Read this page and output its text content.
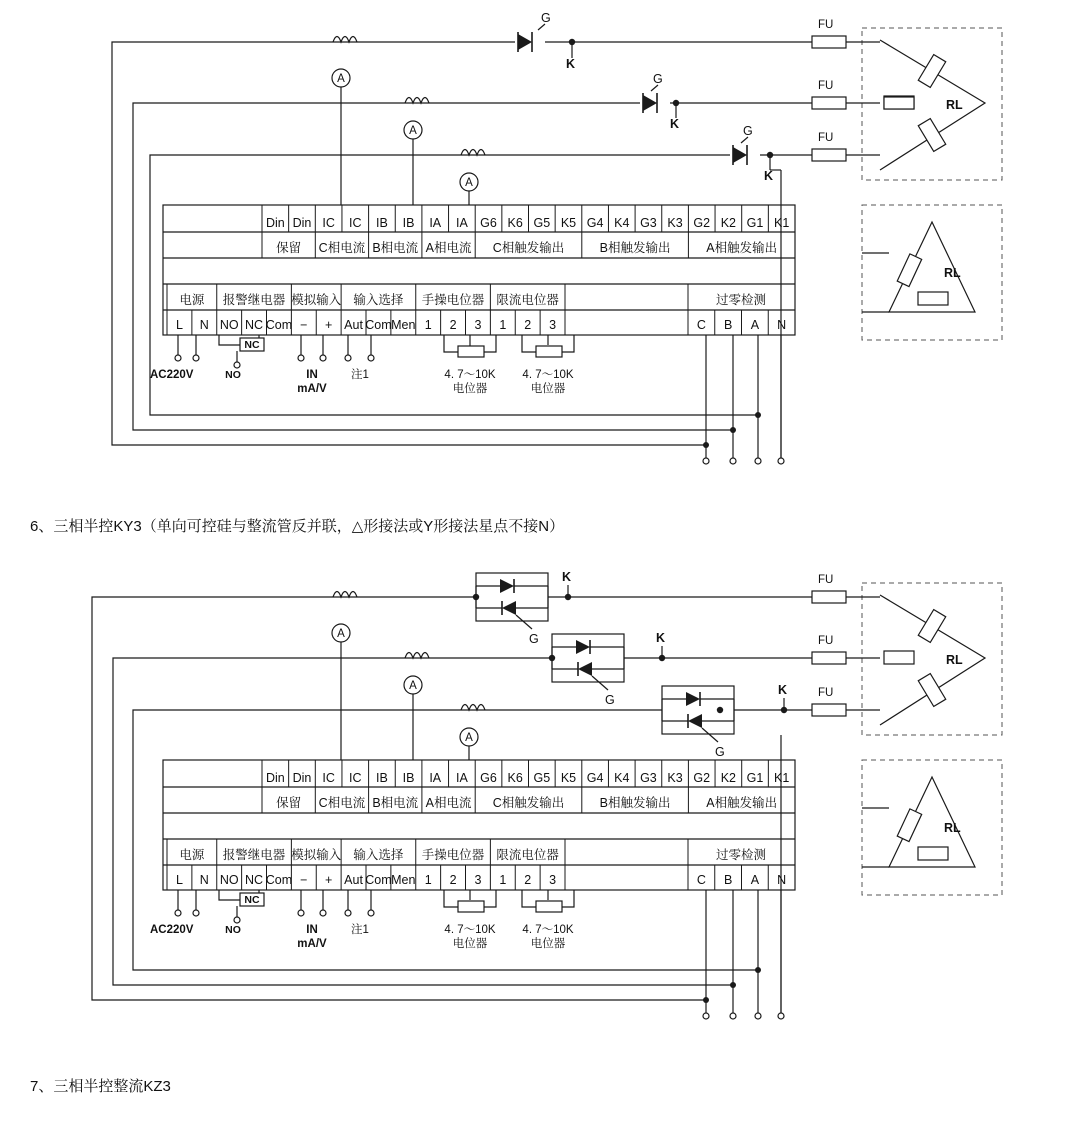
RL
RL
FU
FU
FU
G
K
G
K	G
K
A
A
A
Din Din IC IC IB IB IA IA G6 K6 G5 K5 G4 K4 G3 K3 G2 K2 G1 K1
保留 C相电流 B相电流 A相电流 C相触发输出	B相触发输出	A相触发输出
电源 报警继电器 模拟输入 输入选择 手操电位器 限流电位器	过零检测
L N NO NC Com − + Aut Com Men 1 2 3 1 2 3	C B A N
AC220V
NC
NO	IN
mA/V
注1	4. 7～10K
电位器
4. 7～10K
电位器
6、三相半控KY3（单向可控硅与整流管反并联，△形接法或Y形接法星点不接N）
RL
RL
FU
FU
FU
G
K
G
K
G
K
A
A
A
Din Din IC IC IB IB IA IA G6 K6 G5 K5 G4 K4 G3 K3 G2 K2 G1 K1
保留 C相电流 B相电流 A相电流 C相触发输出	B相触发输出	A相触发输出
电源 报警继电器 模拟输入 输入选择 手操电位器 限流电位器	过零检测
L N NO NC Com − + Aut Com Men 1 2 3 1 2 3	C B A N
AC220V
NC
NO	IN
mA/V
注1	4. 7～10K
电位器
4. 7～10K
电位器
7、三相半控整流KZ3
